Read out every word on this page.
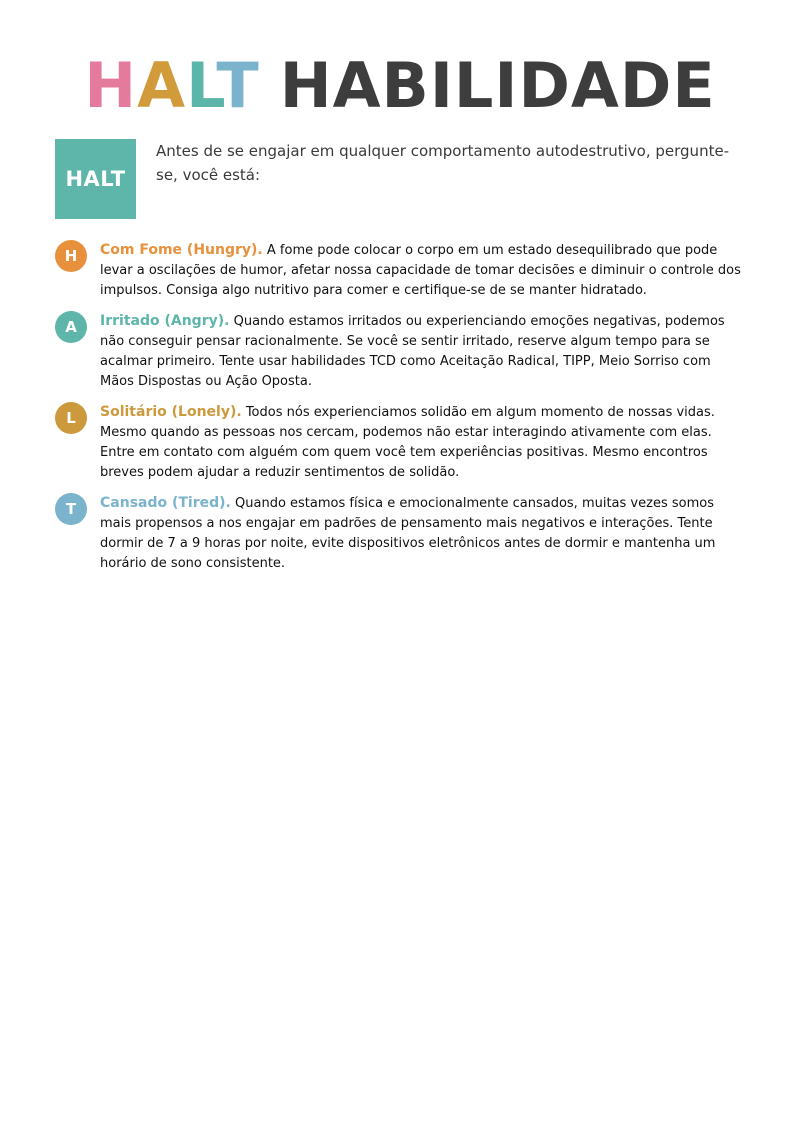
HALT HABILIDADE
HALT
Antes de se engajar em qualquer comportamento autodestrutivo, pergunte-se, você está:
H Com Fome (Hungry). A fome pode colocar o corpo em um estado desequilibrado que pode levar a oscilações de humor, afetar nossa capacidade de tomar decisões e diminuir o controle dos impulsos. Consiga algo nutritivo para comer e certifique-se de se manter hidratado.

A Irritado (Angry). Quando estamos irritados ou experienciando emoções negativas, podemos não conseguir pensar racionalmente. Se você se sentir irritado, reserve algum tempo para se acalmar primeiro. Tente usar habilidades TCD como Aceitação Radical, TIPP, Meio Sorriso com Mãos Dispostas ou Ação Oposta.

L Solitário (Lonely). Todos nós experienciamos solidão em algum momento de nossas vidas. Mesmo quando as pessoas nos cercam, podemos não estar interagindo ativamente com elas. Entre em contato com alguém com quem você tem experiências positivas. Mesmo encontros breves podem ajudar a reduzir sentimentos de solidão.

T Cansado (Tired). Quando estamos física e emocionalmente cansados, muitas vezes somos mais propensos a nos engajar em padrões de pensamento mais negativos e interações. Tente dormir de 7 a 9 horas por noite, evite dispositivos eletrônicos antes de dormir e mantenha um horário de sono consistente.
